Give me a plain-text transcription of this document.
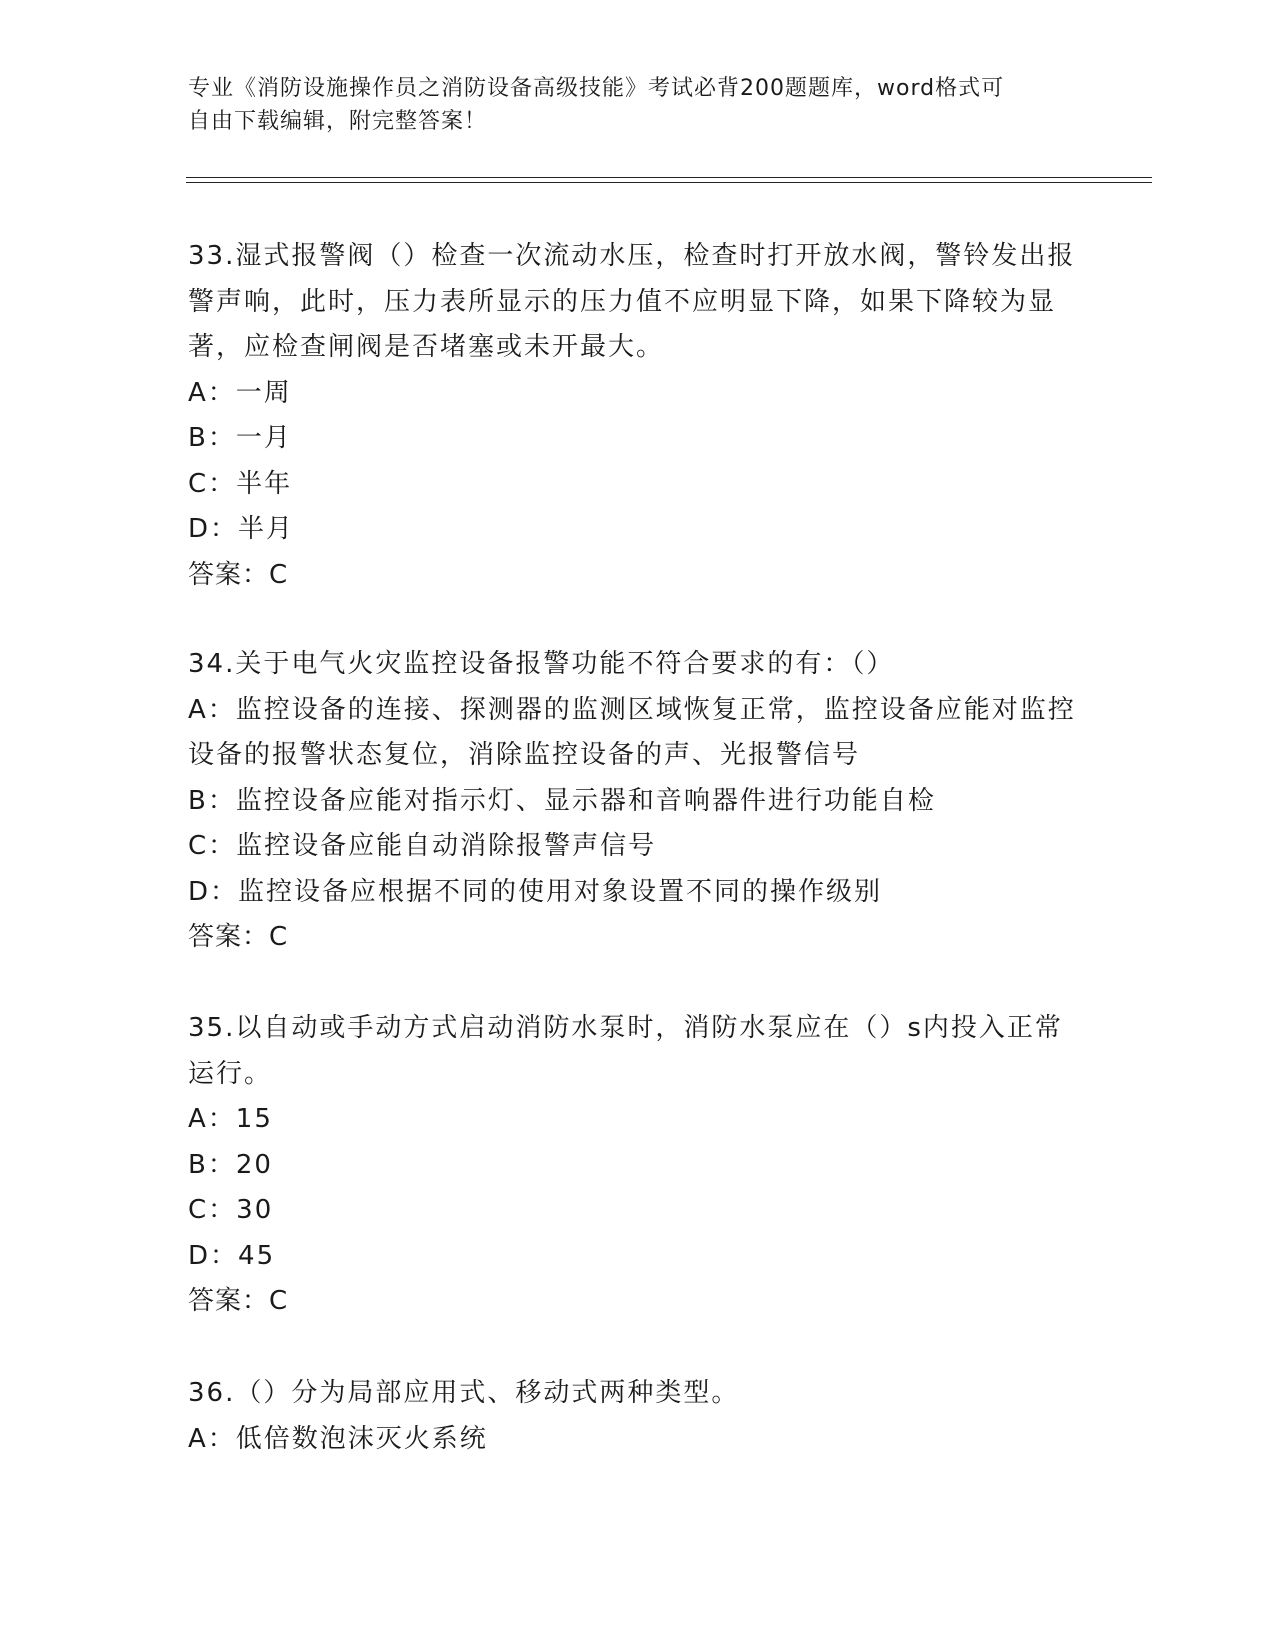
专业《消防设施操作员之消防设备高级技能》考试必背200题题库，word格式可
自由下载编辑，附完整答案！
33.湿式报警阀（）检查一次流动水压，检查时打开放水阀，警铃发出报警声响，此时，压力表所显示的压力值不应明显下降，如果下降较为显著，应检查闸阀是否堵塞或未开最大。
A：一周
B：一月
C：半年
D：半月
答案：C
34.关于电气火灾监控设备报警功能不符合要求的有：（）
A：监控设备的连接、探测器的监测区域恢复正常，监控设备应能对监控设备的报警状态复位，消除监控设备的声、光报警信号
B：监控设备应能对指示灯、显示器和音响器件进行功能自检
C：监控设备应能自动消除报警声信号
D：监控设备应根据不同的使用对象设置不同的操作级别
答案：C
35.以自动或手动方式启动消防水泵时，消防水泵应在（）s内投入正常运行。
A：15
B：20
C：30
D：45
答案：C
36.（）分为局部应用式、移动式两种类型。
A：低倍数泡沫灭火系统
